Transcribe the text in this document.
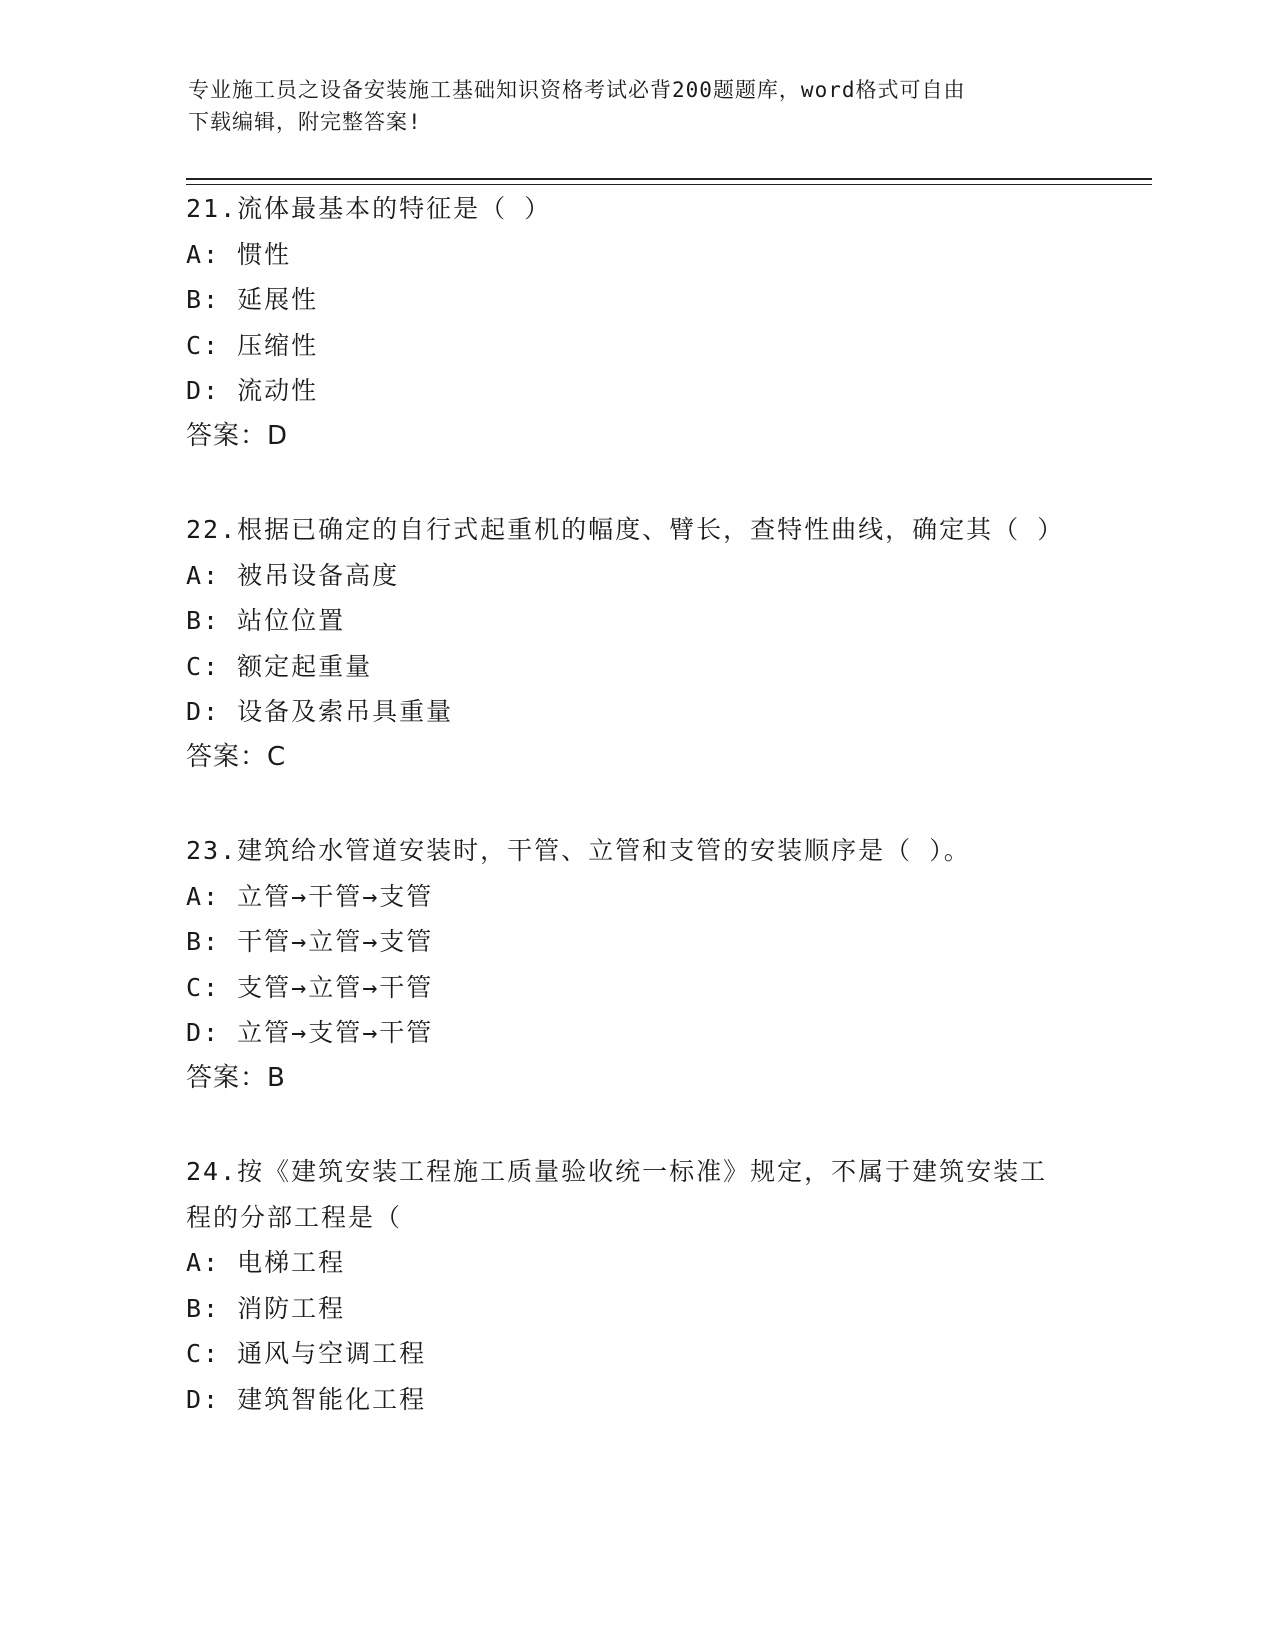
专业施工员之设备安装施工基础知识资格考试必背200题题库，word格式可自由
下载编辑，附完整答案!
21.流体最基本的特征是（ ）
A: 惯性
B: 延展性
C: 压缩性
D: 流动性
答案：D
22.根据已确定的自行式起重机的幅度、臂长，查特性曲线，确定其（ ）
A: 被吊设备高度
B: 站位位置
C: 额定起重量
D: 设备及索吊具重量
答案：C
23.建筑给水管道安装时，干管、立管和支管的安装顺序是（ ）。
A: 立管→干管→支管
B: 干管→立管→支管
C: 支管→立管→干管
D: 立管→支管→干管
答案：B
24.按《建筑安装工程施工质量验收统一标准》规定，不属于建筑安装工程的分部工程是（
A: 电梯工程
B: 消防工程
C: 通风与空调工程
D: 建筑智能化工程
